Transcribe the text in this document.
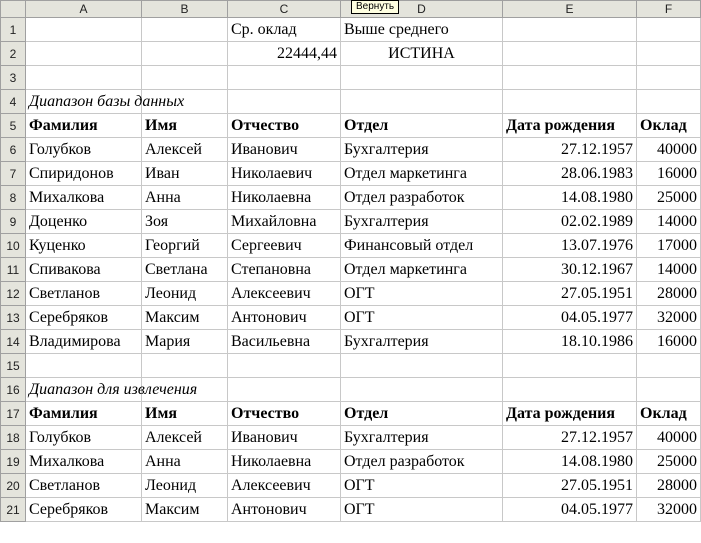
	A	B	C	D	E	F
1			Ср. оклад	Выше среднего		
2			22444,44	ИСТИНА		
3						
4	Диапазон базы данных					
5	Фамилия	Имя	Отчество	Отдел	Дата рождения	Оклад
6	Голубков	Алексей	Иванович	Бухгалтерия	27.12.1957	40000
7	Спиридонов	Иван	Николаевич	Отдел маркетинга	28.06.1983	16000
8	Михалкова	Анна	Николаевна	Отдел разработок	14.08.1980	25000
9	Доценко	Зоя	Михайловна	Бухгалтерия	02.02.1989	14000
10	Куценко	Георгий	Сергеевич	Финансовый отдел	13.07.1976	17000
11	Спивакова	Светлана	Степановна	Отдел маркетинга	30.12.1967	14000
12	Светланов	Леонид	Алексеевич	ОГТ	27.05.1951	28000
13	Серебряков	Максим	Антонович	ОГТ	04.05.1977	32000
14	Владимирова	Мария	Васильевна	Бухгалтерия	18.10.1986	16000
15						
16	Диапазон для извлечения					
17	Фамилия	Имя	Отчество	Отдел	Дата рождения	Оклад
18	Голубков	Алексей	Иванович	Бухгалтерия	27.12.1957	40000
19	Михалкова	Анна	Николаевна	Отдел разработок	14.08.1980	25000
20	Светланов	Леонид	Алексеевич	ОГТ	27.05.1951	28000
21	Серебряков	Максим	Антонович	ОГТ	04.05.1977	32000
Вернуть
